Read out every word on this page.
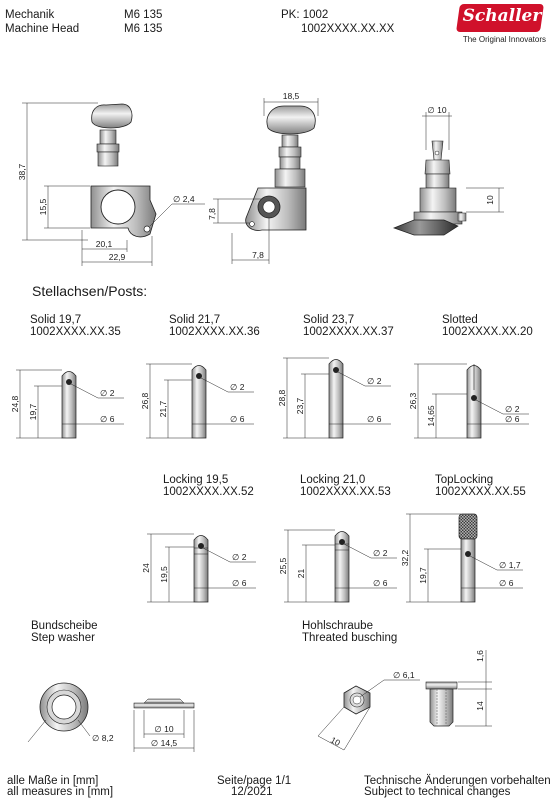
Mechanik
Machine Head
M6 135
M6 135
PK: 1002
1002XXXX.XX.XX
Schaller
The Original Innovators
38,7
15,5
20,1
22,9
∅ 2,4
18,5
7,8
7,8
∅ 10
10
Stellachsen/Posts:
Solid 19,7
1002XXXX.XX.35
Solid 21,7
1002XXXX.XX.36
Solid 23,7
1002XXXX.XX.37
Slotted
1002XXXX.XX.20
Locking 19,5
1002XXXX.XX.52
Locking 21,0
1002XXXX.XX.53
TopLocking
1002XXXX.XX.55
∅ 2
∅ 6
24,8 19,7
∅ 2
∅ 6
26,8 21,7
∅ 2
∅ 6
28,8 23,7	∅ 2
∅ 6
26,3
14,65
∅ 2
∅ 6
24 19,5
∅ 2
∅ 6
25,5 21
∅ 1,7
∅ 6
32,2
19,7
Bundscheibe
Step washer
Hohlschraube
Threated busching
∅ 8,2
∅ 10
∅ 14,5
∅ 6,1
10
1,6
14
alle Maße in [mm]
all measures in [mm]
Seite/page 1/1
12/2021
Technische Änderungen vorbehalten
Subject to technical changes
